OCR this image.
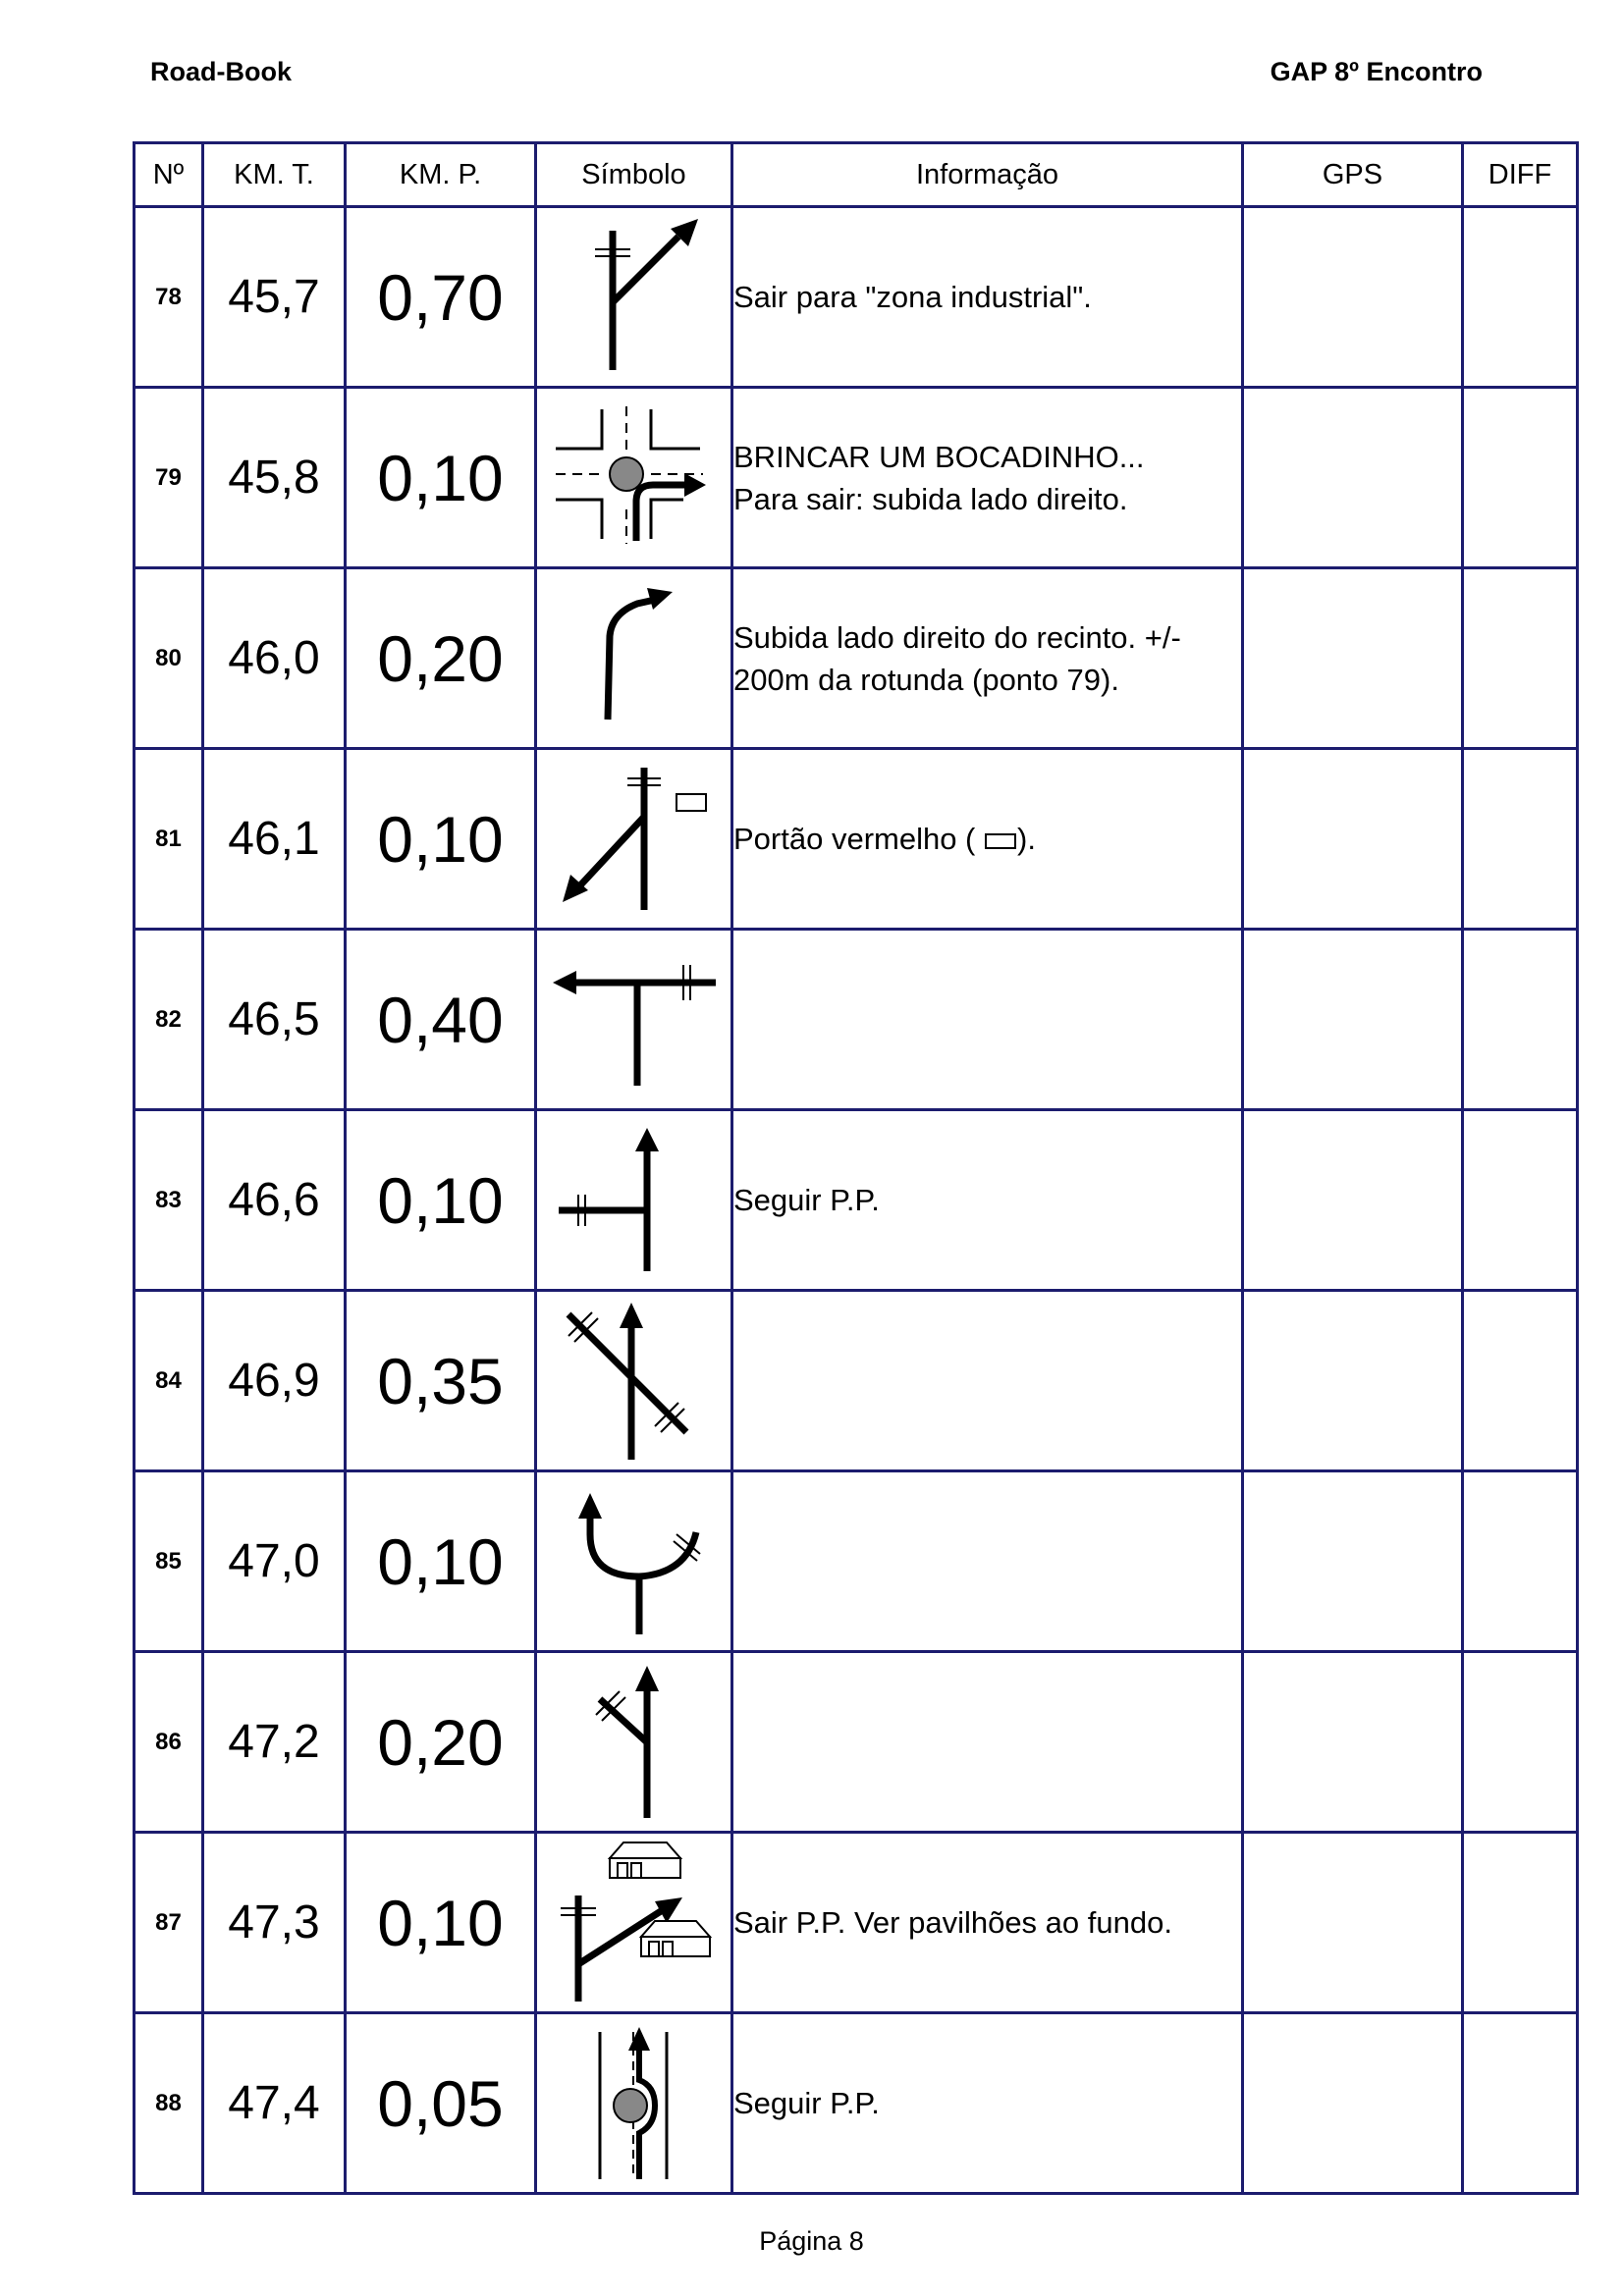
Road-Book	GAP 8º Encontro
Nº	KM. T.	KM. P.	Símbolo	Informação	GPS	DIFF
78	45,7	0,70		Sair para "zona industrial".		

79	45,8	0,10		BRINCAR UM BOCADINHO...
Para sair: subida lado direito.		

80	46,0	0,20		Subida lado direito do recinto. +/-
200m da rotunda (ponto 79).		

81	46,1	0,10		Portão vermelho ( ).		

82	46,5	0,40	

83	46,6	0,10		Seguir P.P.		

84	46,9	0,35	

85	47,0	0,10	

86	47,2	0,20	

87	47,3	0,10		Sair P.P. Ver pavilhões ao fundo.		

88	47,4	0,05		Seguir P.P.		

Página 8
